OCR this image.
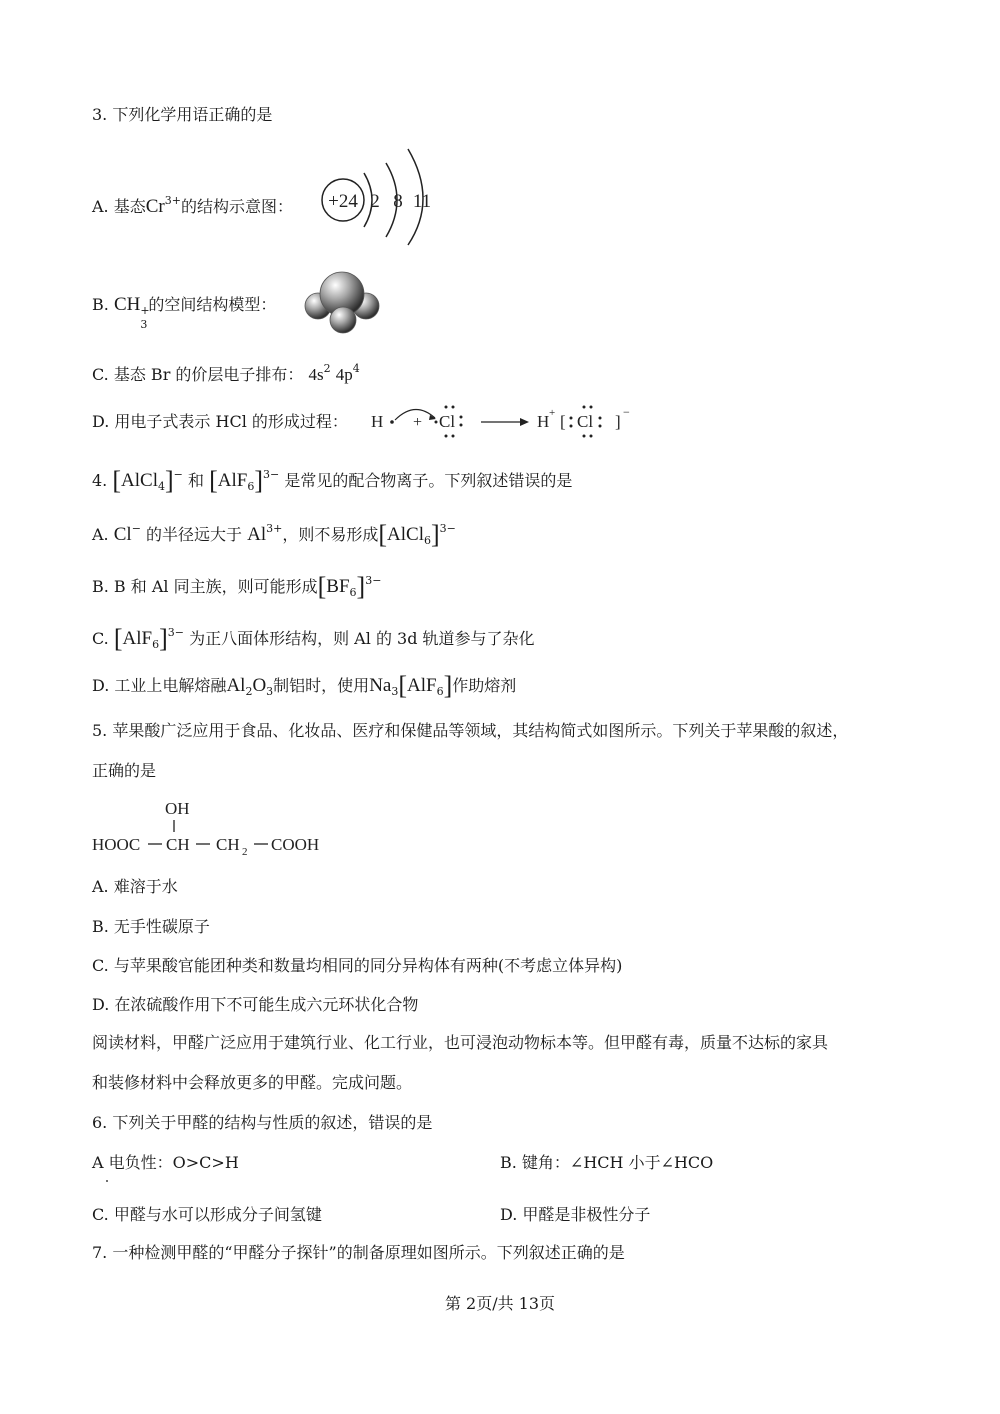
3. 下列化学用语正确的是
A. 基态$Cr^{3+}$的结构示意图： +24 2 8 11
B. CH +
3
的空间结构模型：
C. 基态 Br 的价层电子排布： $4s^2$ $4p^4$
D. 用电子式表示 HCl 的形成过程： H + Cl	H + [ Cl ] −
4. [AlCl$_4$]− 和 $[AlF_6]^{3-}$ 是常见的配合物离子。下列叙述错误的是
A. Cl− 的半径远大于 $Al^{3+}$，则不易形成[AlCl$_6$]$^{3-}$
B. B 和 Al 同主族，则可能形成$[BF_6]^{3-}$
C. $[AlF_6]^{3-}$ 为正八面体形结构，则 Al 的 3d 轨道参与了杂化
D. 工业上电解熔融$Al_2O_3$制铝时，使用$Na_3[AlF_6]$作助熔剂
5. 苹果酸广泛应用于食品、化妆品、医疗和保健品等领域，其结构简式如图所示。下列关于苹果酸的叙述，
正确的是
OH
HOOC CH CH 2 COOH
A. 难溶于水
B. 无手性碳原子
C. 与苹果酸官能团种类和数量均相同的同分异构体有两种(不考虑立体异构)
D. 在浓硫酸作用下不可能生成六元环状化合物
阅读材料，甲醛广泛应用于建筑行业、化工行业，也可浸泡动物标本等。但甲醛有毒，质量不达标的家具
和装修材料中会释放更多的甲醛。完成问题。
6. 下列关于甲醛的结构与性质的叙述，错误的是
A 电负性：O>C>H	B. 键角：∠HCH 小于∠HCO
C. 甲醛与水可以形成分子间氢键	D. 甲醛是非极性分子
7. 一种检测甲醛的“甲醛分子探针”的制备原理如图所示。下列叙述正确的是
第 2页/共 13页
